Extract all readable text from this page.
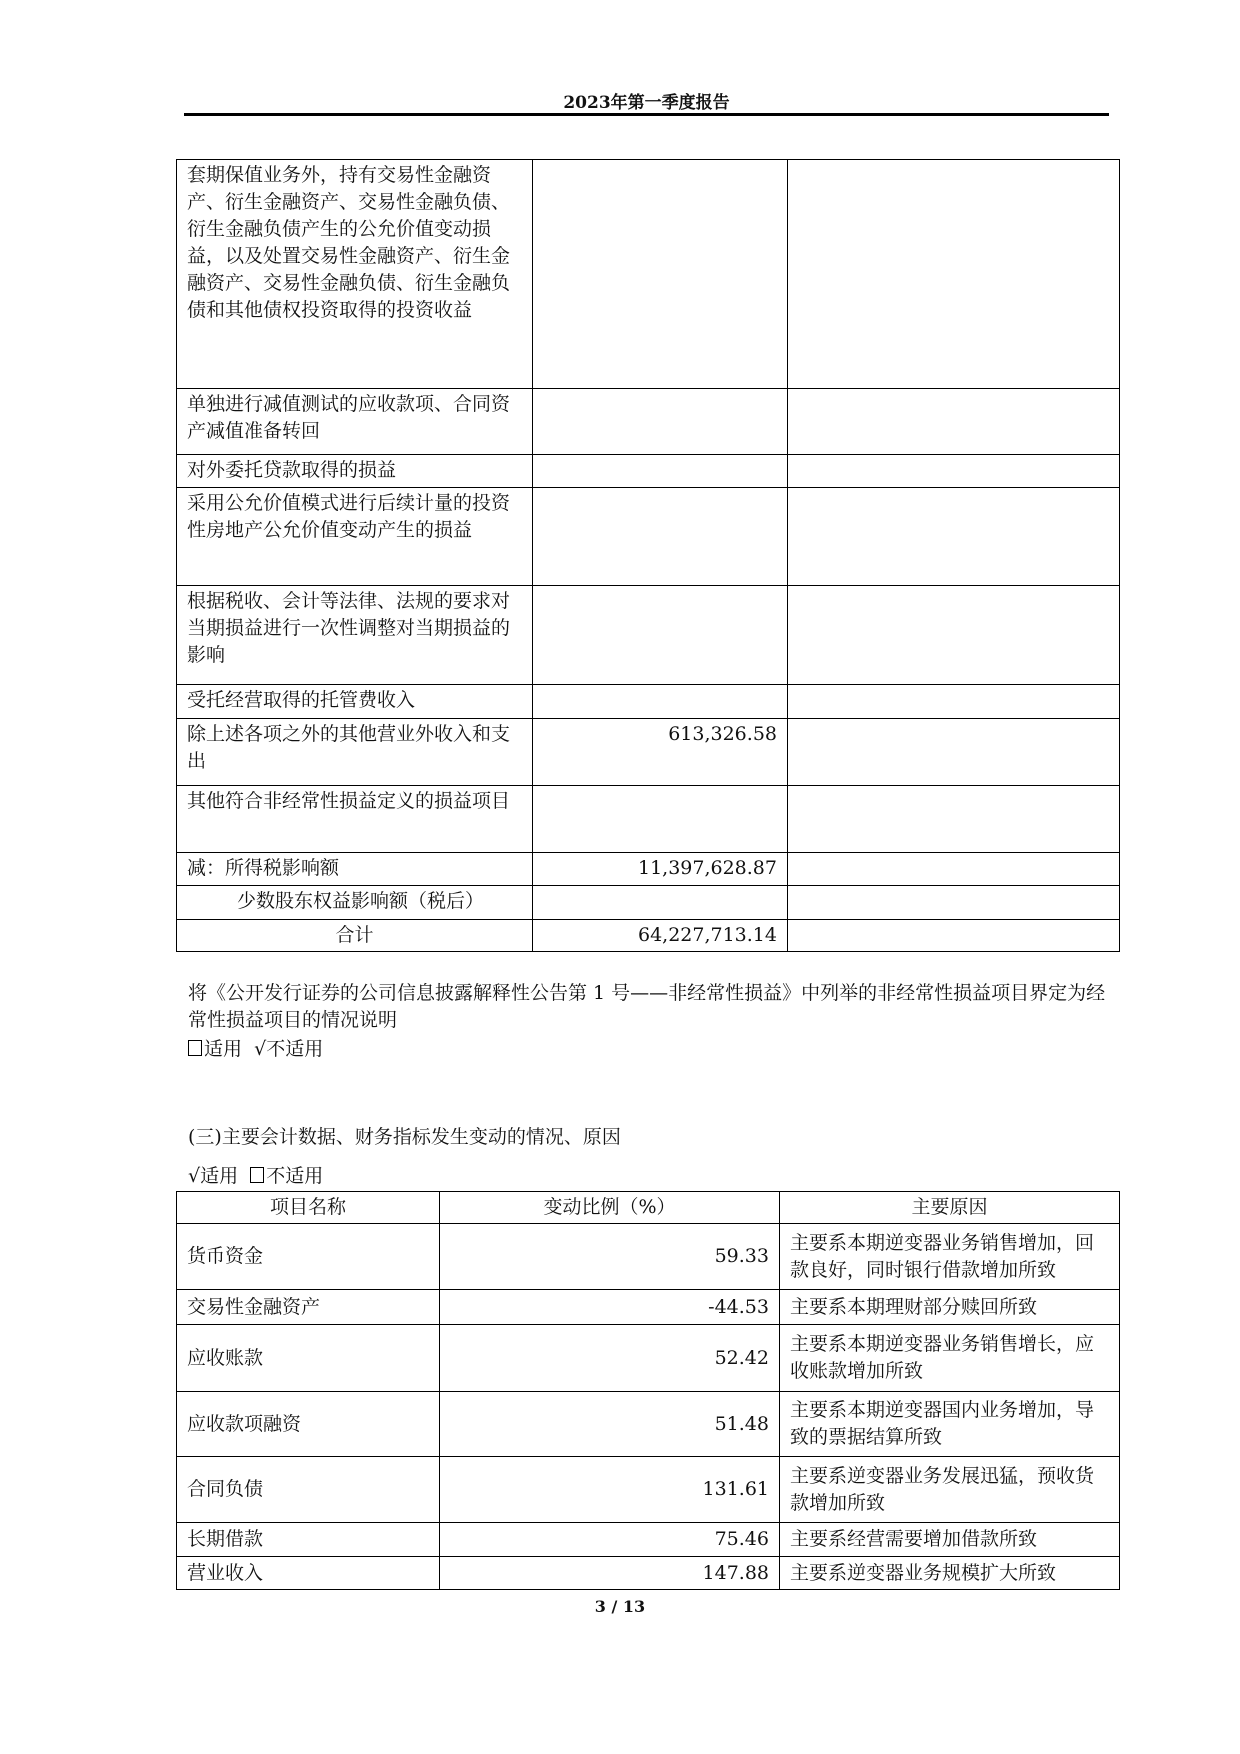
2023年第一季度报告
套期保值业务外，持有交易性金融资产、衍生金融资产、交易性金融负债、衍生金融负债产生的公允价值变动损益，以及处置交易性金融资产、衍生金融资产、交易性金融负债、衍生金融负债和其他债权投资取得的投资收益		
单独进行减值测试的应收款项、合同资产减值准备转回		
对外委托贷款取得的损益		
采用公允价值模式进行后续计量的投资性房地产公允价值变动产生的损益		
根据税收、会计等法律、法规的要求对当期损益进行一次性调整对当期损益的影响		
受托经营取得的托管费收入		
除上述各项之外的其他营业外收入和支出	613,326.58	
其他符合非经常性损益定义的损益项目		
减：所得税影响额	11,397,628.87	
少数股东权益影响额（税后）		
合计	64,227,713.14	
将《公开发行证券的公司信息披露解释性公告第 1 号——非经常性损益》中列举的非经常性损益项目界定为经常性损益项目的情况说明
适用 √不适用
(三)主要会计数据、财务指标发生变动的情况、原因
√适用 不适用
项目名称	变动比例（%）	主要原因
货币资金	59.33	主要系本期逆变器业务销售增加，回款良好，同时银行借款增加所致
交易性金融资产	-44.53	主要系本期理财部分赎回所致
应收账款	52.42	主要系本期逆变器业务销售增长，应收账款增加所致
应收款项融资	51.48	主要系本期逆变器国内业务增加，导致的票据结算所致
合同负债	131.61	主要系逆变器业务发展迅猛，预收货款增加所致
长期借款	75.46	主要系经营需要增加借款所致
营业收入	147.88	主要系逆变器业务规模扩大所致
3 / 13
